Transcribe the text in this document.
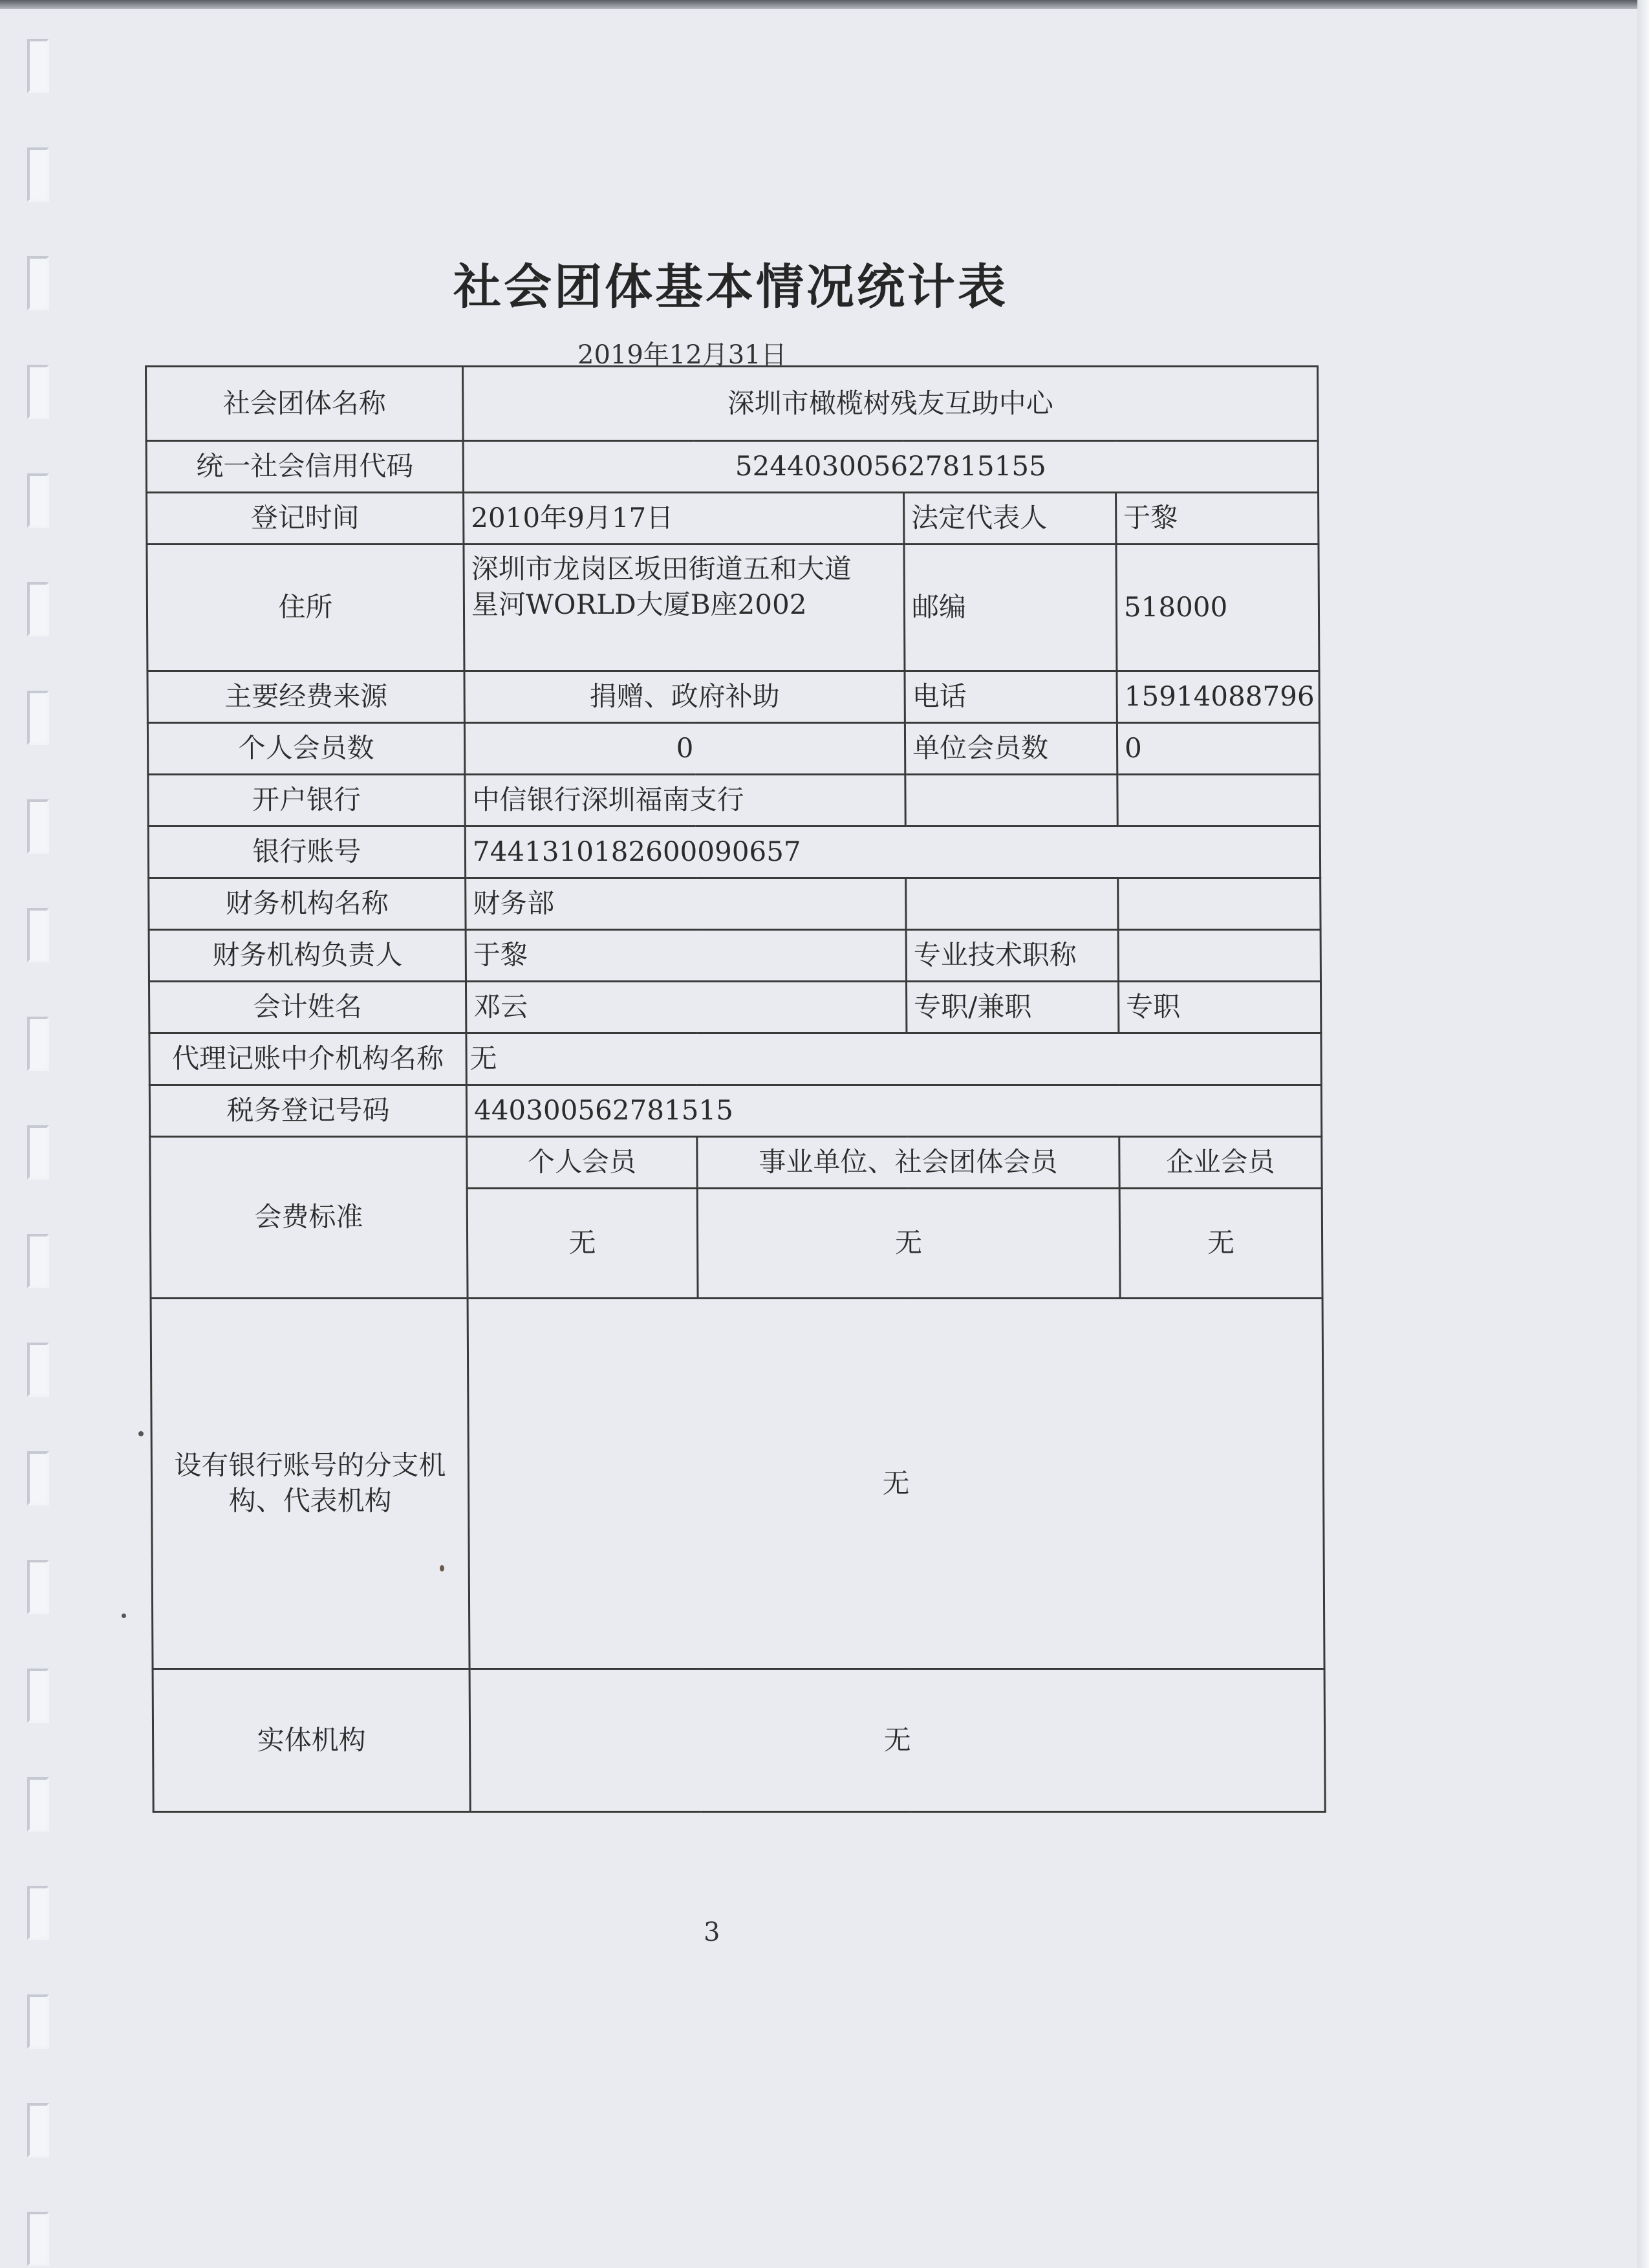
社会团体基本情况统计表
2019年12月31日
社会团体名称	深圳市橄榄树残友互助中心			
统一社会信用代码	524403005627815155			
登记时间	2010年9月17日		法定代表人	于黎
住所	深圳市龙岗区坂田街道五和大道
星河WORLD大厦B座2002		邮编	518000
主要经费来源	捐赠、政府补助		电话	15914088796
个人会员数	0		单位会员数	0
开户银行	中信银行深圳福南支行			
银行账号	7441310182600090657			
财务机构名称	财务部			
财务机构负责人	于黎		专业技术职称	
会计姓名	邓云		专职/兼职	专职
代理记账中介机构名称	无			
税务登记号码	440300562781515			
会费标准	个人会员	事业单位、社会团体会员		企业会员
	无	无		无

设有银行账号的分支机
构、代表机构	无			
实体机构	无			
3
